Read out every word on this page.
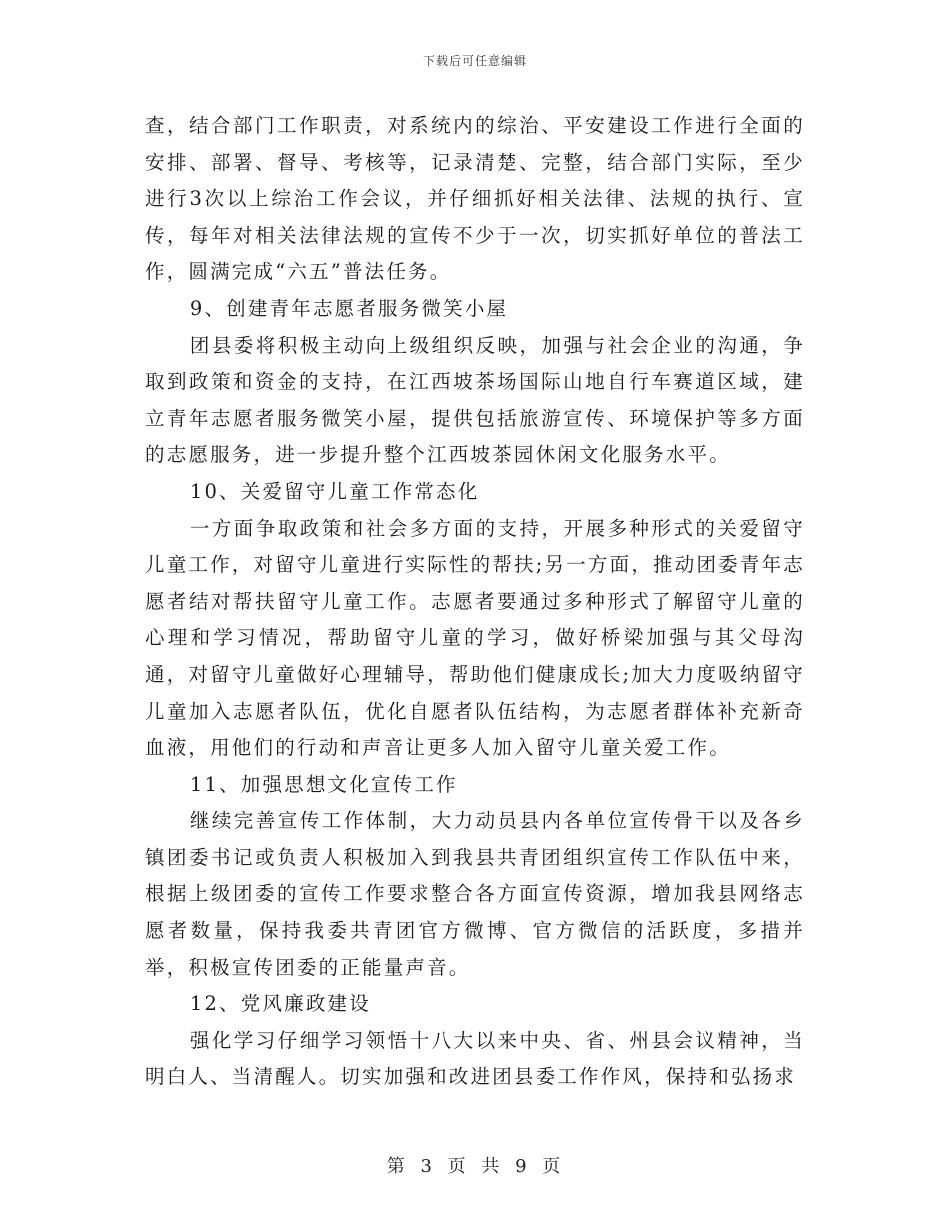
下载后可任意编辑

查，结合部门工作职责，对系统内的综治、平安建设工作进行全面的安排、部署、督导、考核等，记录清楚、完整，结合部门实际，至少进行3次以上综治工作会议，并仔细抓好相关法律、法规的执行、宣传，每年对相关法律法规的宣传不少于一次，切实抓好单位的普法工作，圆满完成“六五”普法任务。

9、创建青年志愿者服务微笑小屋

团县委将积极主动向上级组织反映，加强与社会企业的沟通，争取到政策和资金的支持，在江西坡茶场国际山地自行车赛道区域，建立青年志愿者服务微笑小屋，提供包括旅游宣传、环境保护等多方面的志愿服务，进一步提升整个江西坡茶园休闲文化服务水平。

10、关爱留守儿童工作常态化

一方面争取政策和社会多方面的支持，开展多种形式的关爱留守儿童工作，对留守儿童进行实际性的帮扶;另一方面，推动团委青年志愿者结对帮扶留守儿童工作。志愿者要通过多种形式了解留守儿童的心理和学习情况，帮助留守儿童的学习，做好桥梁加强与其父母沟通，对留守儿童做好心理辅导，帮助他们健康成长;加大力度吸纳留守儿童加入志愿者队伍，优化自愿者队伍结构，为志愿者群体补充新奇血液，用他们的行动和声音让更多人加入留守儿童关爱工作。

11、加强思想文化宣传工作

继续完善宣传工作体制，大力动员县内各单位宣传骨干以及各乡镇团委书记或负责人积极加入到我县共青团组织宣传工作队伍中来，根据上级团委的宣传工作要求整合各方面宣传资源，增加我县网络志愿者数量，保持我委共青团官方微博、官方微信的活跃度，多措并举，积极宣传团委的正能量声音。

12、党风廉政建设

强化学习仔细学习领悟十八大以来中央、省、州县会议精神，当明白人、当清醒人。切实加强和改进团县委工作作风，保持和弘扬求

第 3 页 共 9 页
